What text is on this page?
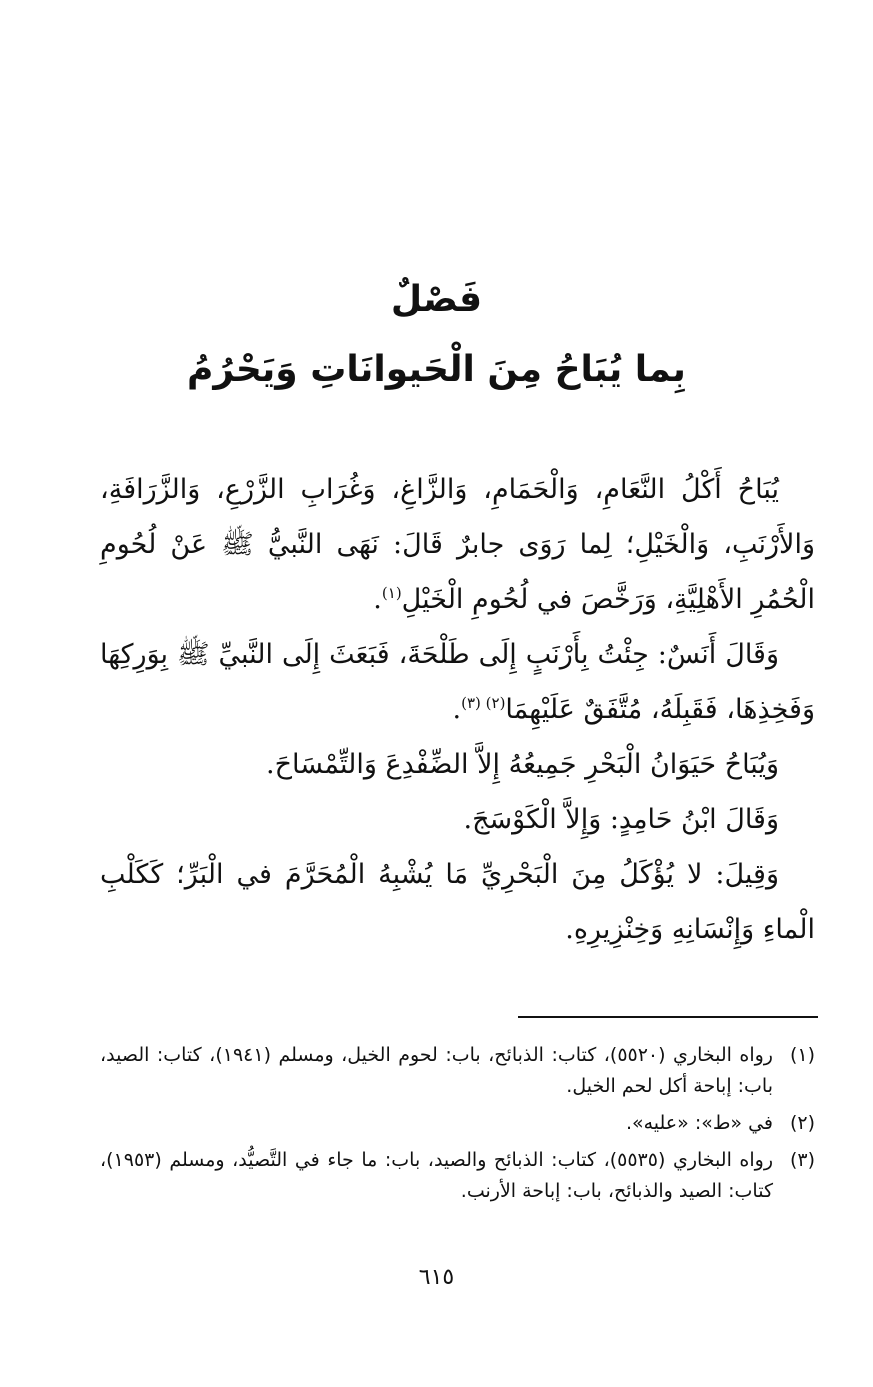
فَصْلٌ
بِما يُبَاحُ مِنَ الْحَيوانَاتِ وَيَحْرُمُ

يُبَاحُ أَكْلُ النَّعَامِ، وَالْحَمَامِ، وَالزَّاغِ، وَغُرَابِ الزَّرْعِ، وَالزَّرَافَةِ، وَالأَرْنَبِ، وَالْخَيْلِ؛ لِما رَوَى جابرٌ قَالَ: نَهَى النَّبيُّ ﷺ عَنْ لُحُومِ الْحُمُرِ الأَهْلِيَّةِ، وَرَخَّصَ في لُحُومِ الْخَيْلِ$^{(١)}$.

وَقَالَ أَنَسٌ: جِئْتُ بِأَرْنَبٍ إِلَى طَلْحَةَ، فَبَعَثَ إِلَى النَّبيِّ ﷺ بِوَرِكِهَا وَفَخِذِهَا، فَقَبِلَهُ، مُتَّفَقٌ عَلَيْهِمَا$^{(٢) (٣)}$.

وَيُبَاحُ حَيَوَانُ الْبَحْرِ جَمِيعُهُ إِلاَّ الضِّفْدِعَ وَالتِّمْسَاحَ.

وَقَالَ ابْنُ حَامِدٍ: وَإِلاَّ الْكَوْسَجَ.

وَقِيلَ: لا يُؤْكَلُ مِنَ الْبَحْرِيِّ مَا يُشْبِهُ الْمُحَرَّمَ في الْبَرِّ؛ كَكَلْبِ الْماءِ وَإِنْسَانِهِ وَخِنْزِيرِهِ.

(١)
رواه البخاري (٥٥٢٠)، كتاب: الذبائح، باب: لحوم الخيل، ومسلم (١٩٤١)، كتاب: الصيد، باب: إباحة أكل لحم الخيل.
(٢)
في «ط»: «عليه».
(٣)
رواه البخاري (٥٥٣٥)، كتاب: الذبائح والصيد، باب: ما جاء في التَّصيُّد، ومسلم (١٩٥٣)، كتاب: الصيد والذبائح، باب: إباحة الأرنب.
٦١٥
